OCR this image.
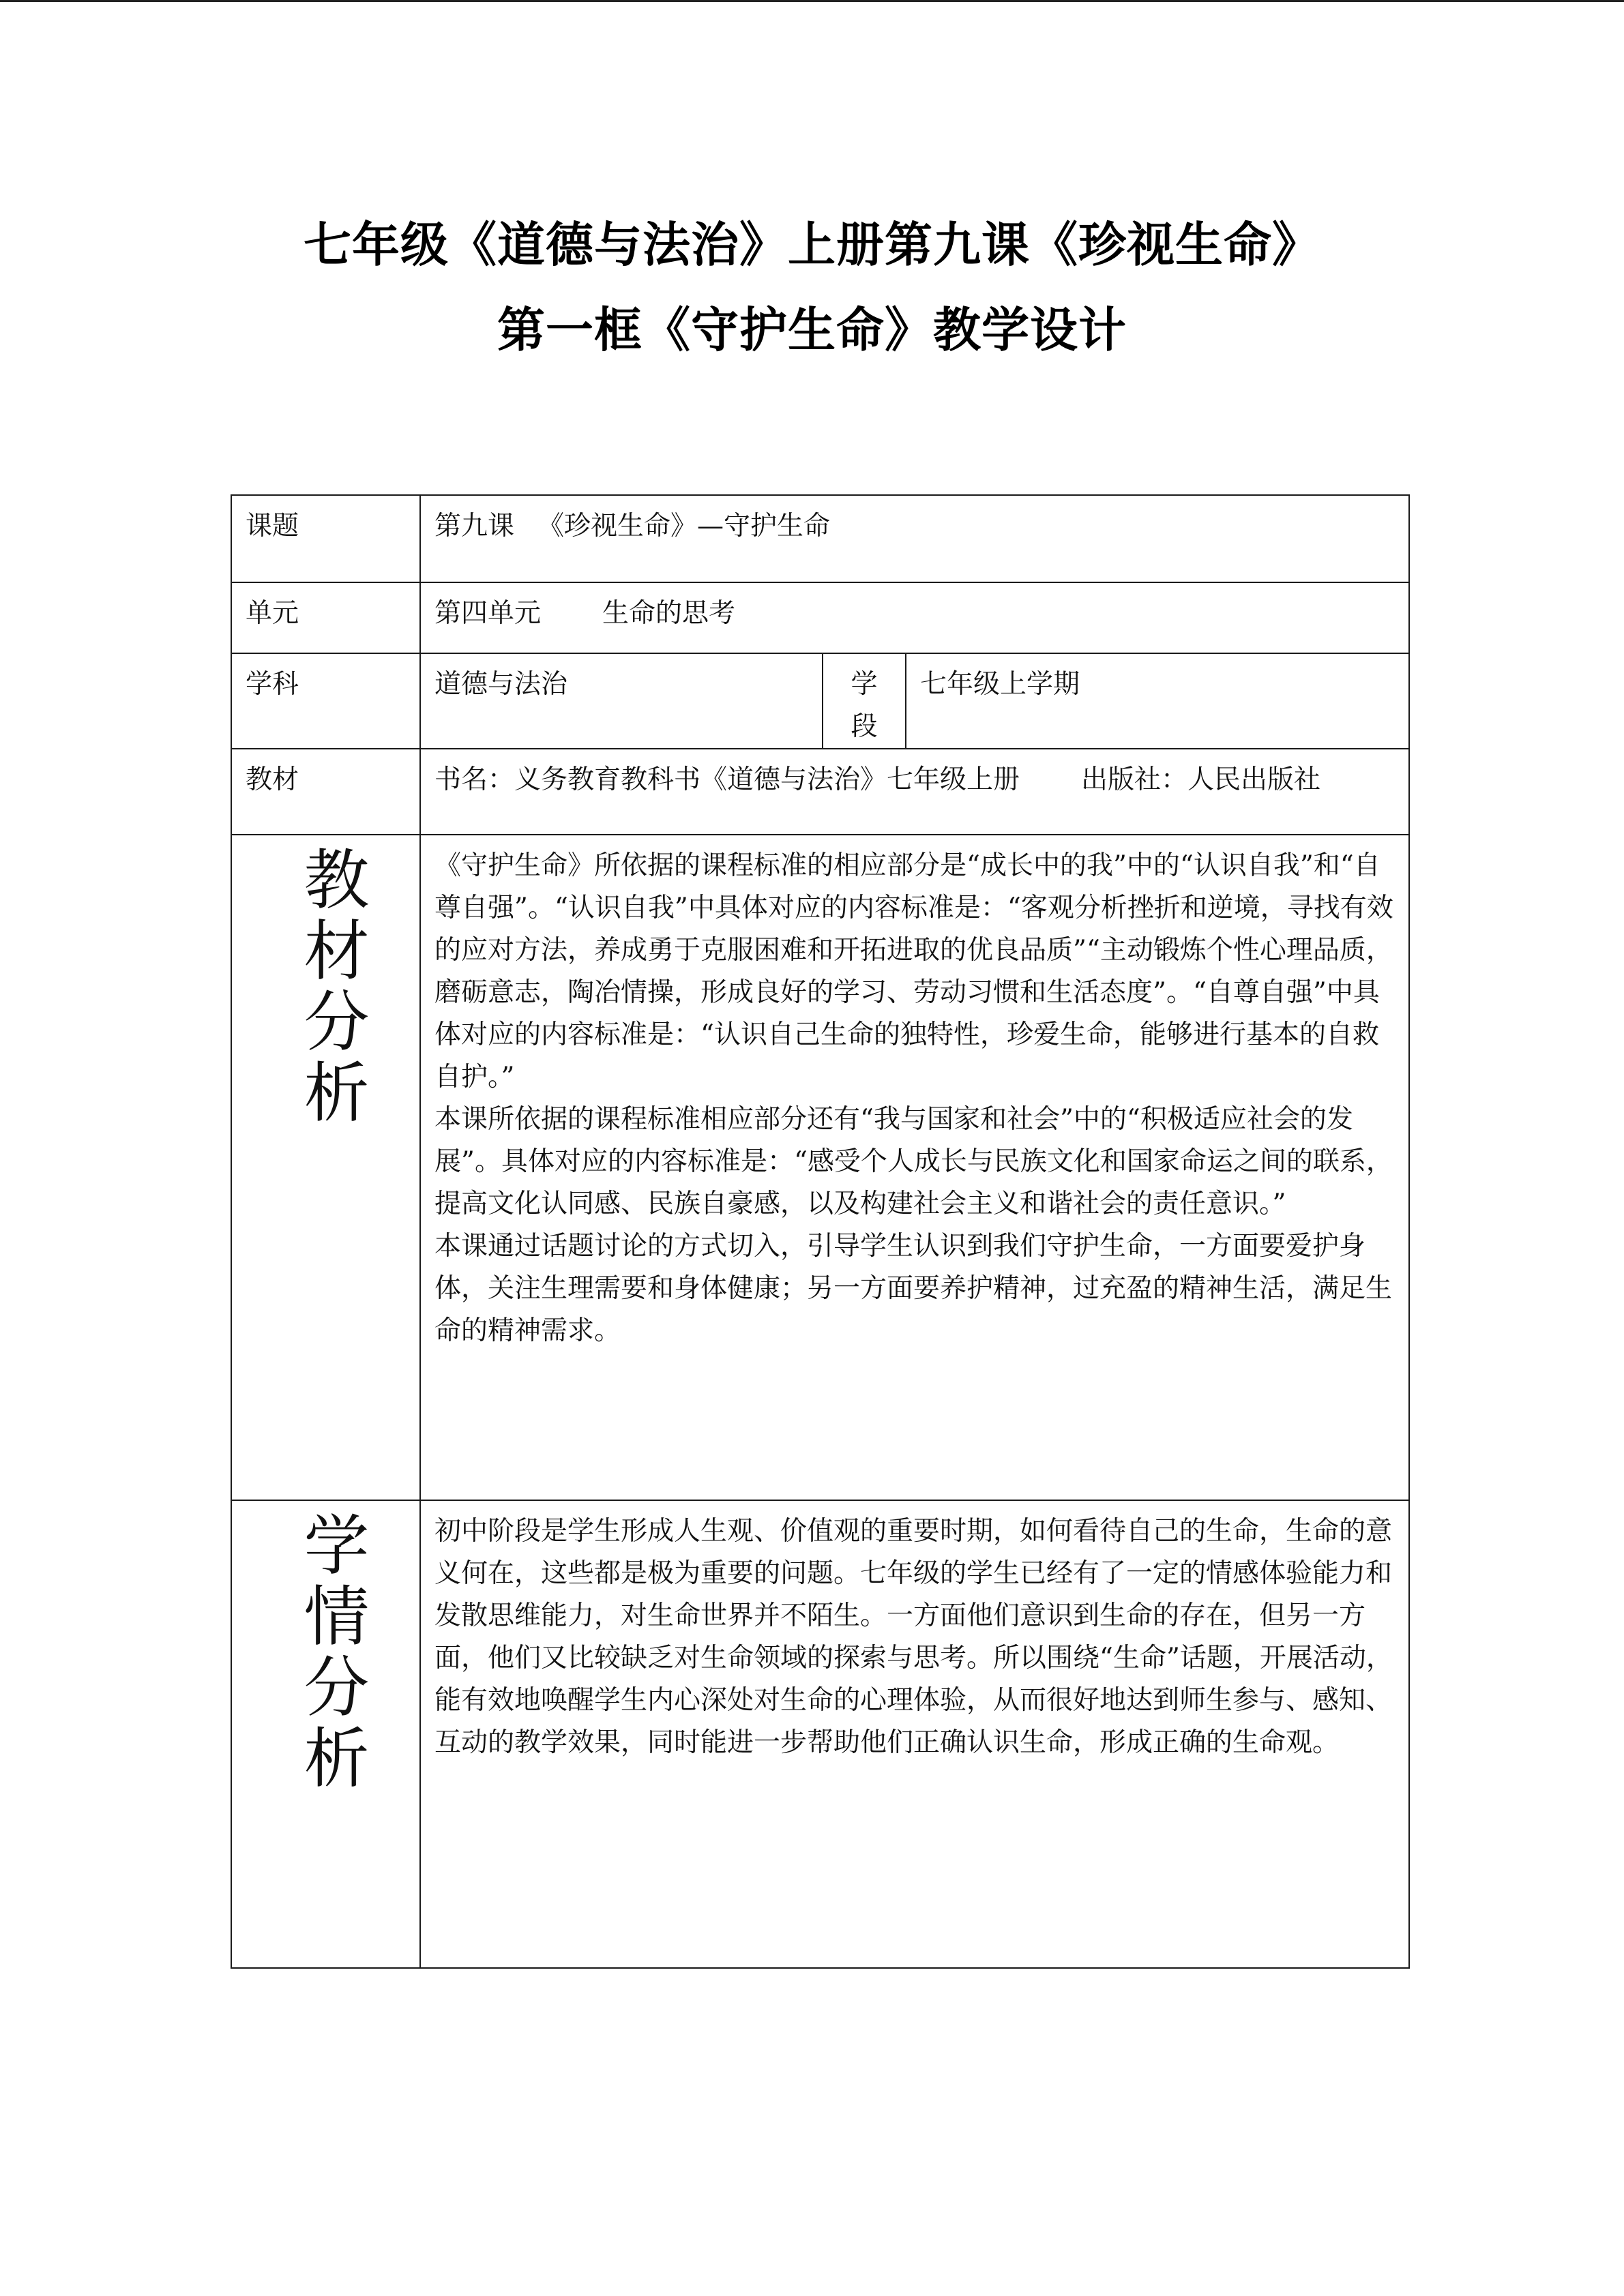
七年级《道德与法治》上册第九课《珍视生命》
第一框《守护生命》教学设计
课题	第九课 《珍视生命》—守护生命		
单元	第四单元 生命的思考		
学科	道德与法治	学段	七年级上学期
教材	书名：义务教育教科书《道德与法治》七年级上册 出版社：人民出版社		
教材分析	《守护生命》所依据的课程标准的相应部分是“成长中的我”中的“认识自我”和“自尊自强”。“认识自我”中具体对应的内容标准是：“客观分析挫折和逆境，寻找有效的应对方法，养成勇于克服困难和开拓进取的优良品质”“主动锻炼个性心理品质，磨砺意志，陶冶情操，形成良好的学习、劳动习惯和生活态度”。“自尊自强”中具体对应的内容标准是：“认识自己生命的独特性，珍爱生命，能够进行基本的自救自护。”

本课所依据的课程标准相应部分还有“我与国家和社会”中的“积极适应社会的发展”。具体对应的内容标准是：“感受个人成长与民族文化和国家命运之间的联系，提高文化认同感、民族自豪感，以及构建社会主义和谐社会的责任意识。”

本课通过话题讨论的方式切入，引导学生认识到我们守护生命，一方面要爱护身体，关注生理需要和身体健康；另一方面要养护精神，过充盈的精神生活，满足生命的精神需求。		

学情分析	初中阶段是学生形成人生观、价值观的重要时期，如何看待自己的生命，生命的意义何在，这些都是极为重要的问题。七年级的学生已经有了一定的情感体验能力和发散思维能力，对生命世界并不陌生。一方面他们意识到生命的存在，但另一方面，他们又比较缺乏对生命领域的探索与思考。所以围绕“生命”话题，开展活动，能有效地唤醒学生内心深处对生命的心理体验，从而很好地达到师生参与、感知、互动的教学效果，同时能进一步帮助他们正确认识生命，形成正确的生命观。		
